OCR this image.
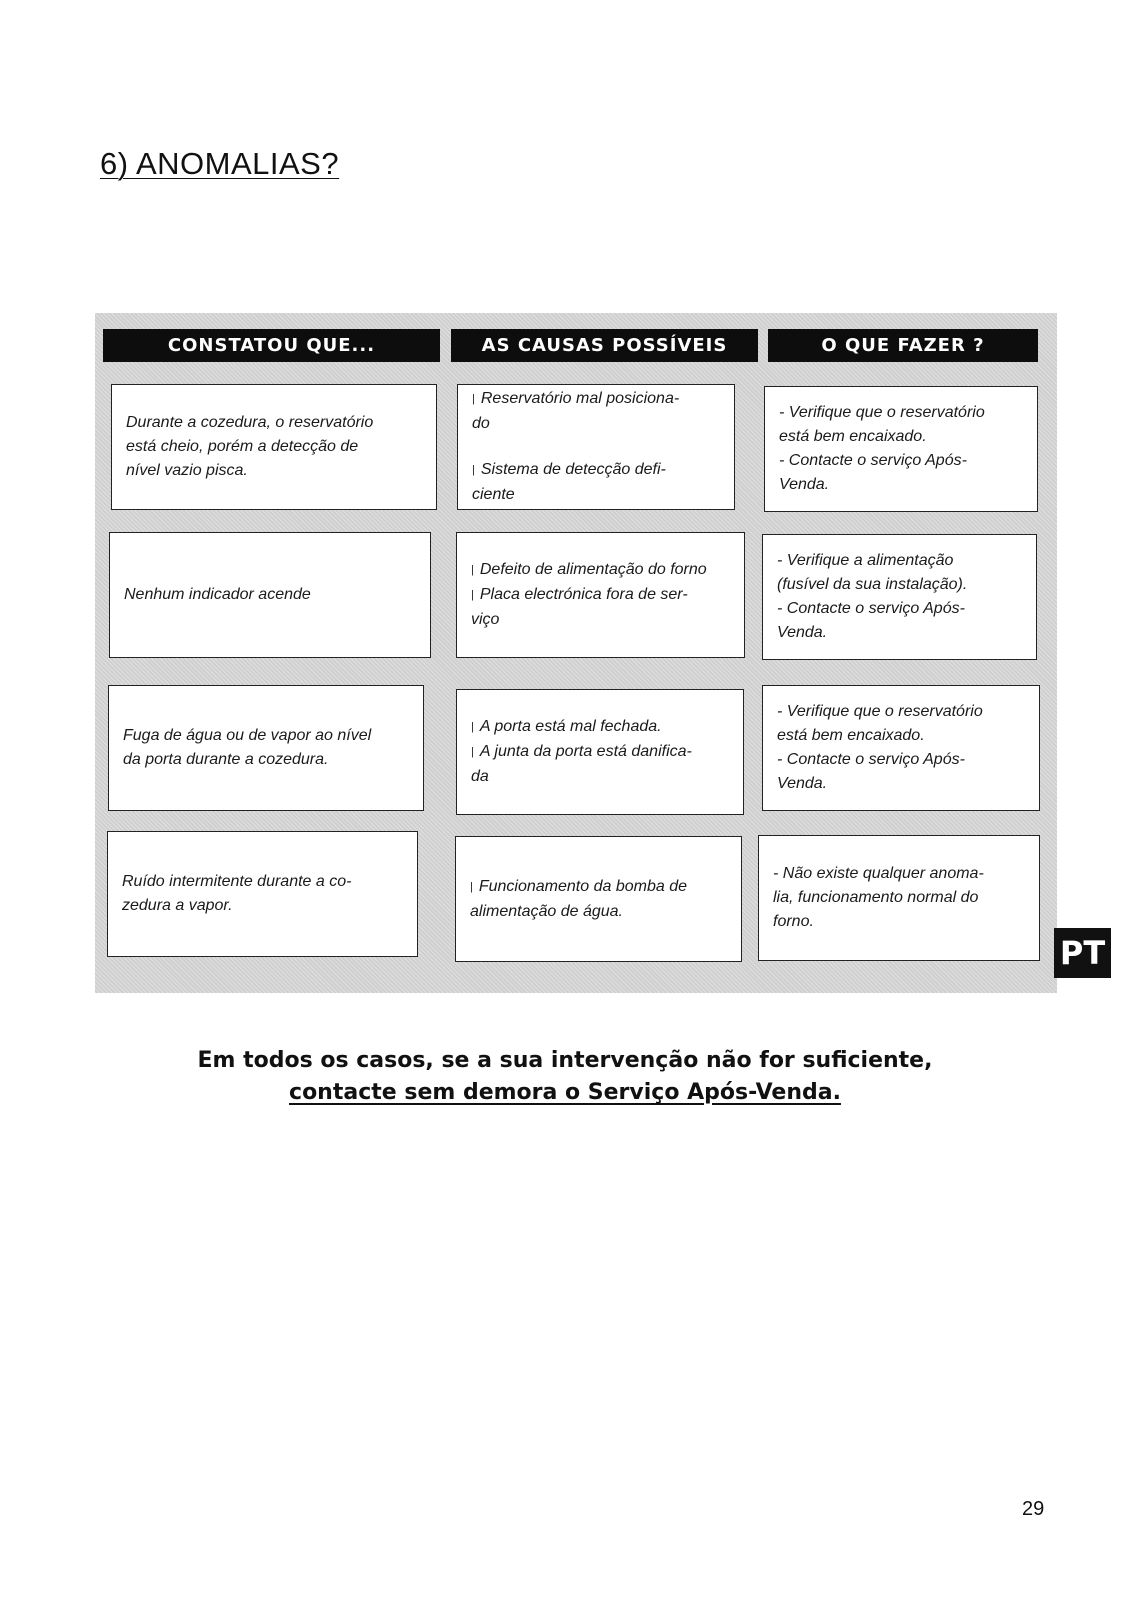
6) ANOMALIAS?
CONSTATOU QUE...	AS CAUSAS POSSÍVEIS	O QUE FAZER ?

Durante a cozedura, o reservatório

está cheio, porém a detecção de

nível vazio pisca.

| Reservatório mal posiciona-

do

| Sistema de detecção defi-

ciente

- Verifique que o reservatório

está bem encaixado.

- Contacte o serviço Após-

Venda.

Nenhum indicador acende

| Defeito de alimentação do forno

| Placa electrónica fora de ser-

viço

- Verifique a alimentação

(fusível da sua instalação).

- Contacte o serviço Após-

Venda.

Fuga de água ou de vapor ao nível

da porta durante a cozedura.

| A porta está mal fechada.

| A junta da porta está danifica-

da

- Verifique que o reservatório

está bem encaixado.

- Contacte o serviço Após-

Venda.

Ruído intermitente durante a co-

zedura a vapor.

| Funcionamento da bomba de

alimentação de água.

- Não existe qualquer anoma-

lia, funcionamento normal do

forno.

PT
Em todos os casos, se a sua intervenção não for suficiente,
contacte sem demora o Serviço Após-Venda.
29
